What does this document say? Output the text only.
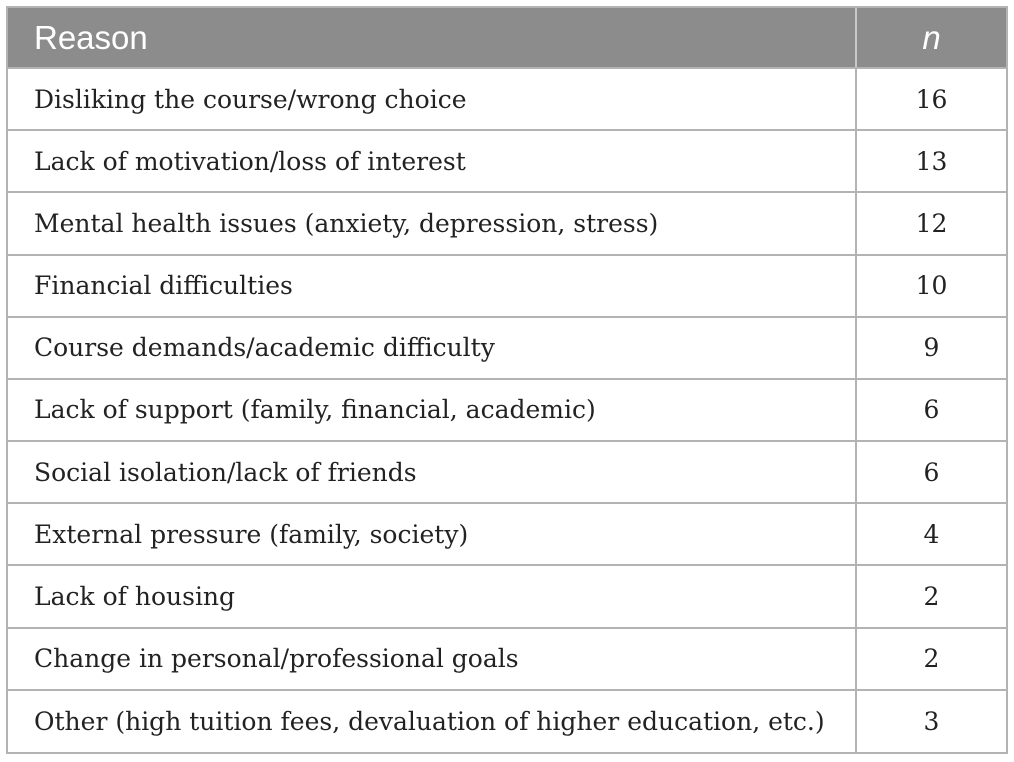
Reason	n
Disliking the course/wrong choice	16
Lack of motivation/loss of interest	13
Mental health issues (anxiety, depression, stress)	12
Financial difficulties	10
Course demands/academic difficulty	9
Lack of support (family, financial, academic)	6
Social isolation/lack of friends	6
External pressure (family, society)	4
Lack of housing	2
Change in personal/professional goals	2
Other (high tuition fees, devaluation of higher education, etc.)	3
